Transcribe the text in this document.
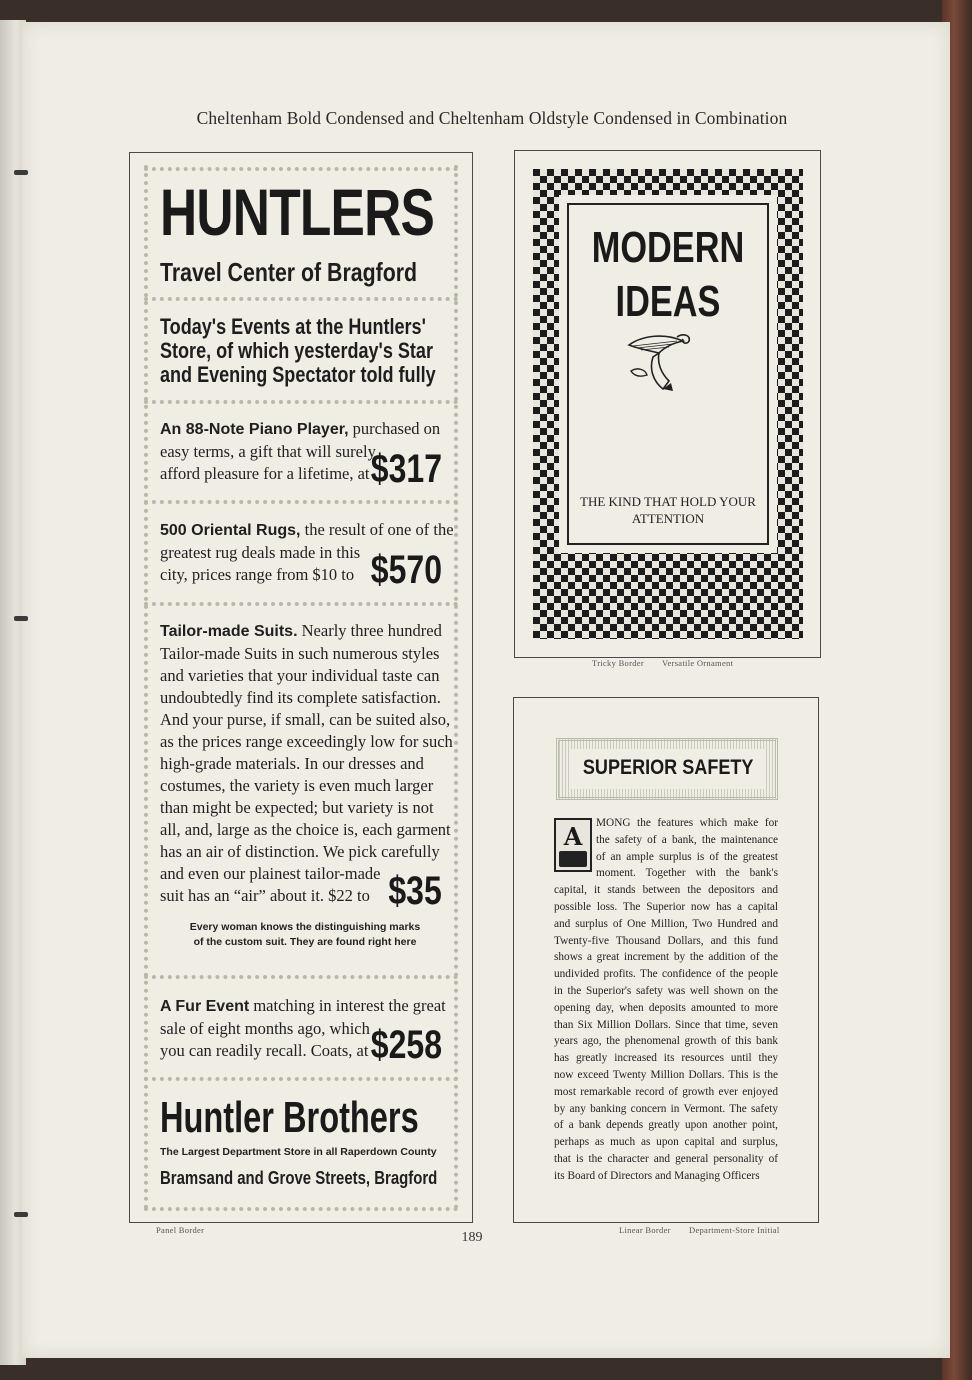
Cheltenham Bold Condensed and Cheltenham Oldstyle Condensed in Combination
HUNTLERS
Travel Center of Bragford
Today's Events at the Huntlers'
Store, of which yesterday's Star
and Evening Spectator told fully
An 88-Note Piano Player, purchased on
easy terms, a gift that will surely
afford pleasure for a lifetime, at $317
500 Oriental Rugs, the result of one of the
greatest rug deals made in this
city, prices range from $10 to $570
Tailor-made Suits. Nearly three hundred
Tailor-made Suits in such numerous styles
and varieties that your individual taste can
undoubtedly find its complete satisfaction.
And your purse, if small, can be suited also,
as the prices range exceedingly low for such
high-grade materials. In our dresses and
costumes, the variety is even much larger
than might be expected; but variety is not
all, and, large as the choice is, each garment
has an air of distinction. We pick carefully
and even our plainest tailor-made
suit has an “air” about it. $22 to $35
Every woman knows the distinguishing marks
of the custom suit. They are found right here
A Fur Event matching in interest the great
sale of eight months ago, which
you can readily recall. Coats, at $258
Huntler Brothers
The Largest Department Store in all Raperdown County
Bramsand and Grove Streets, Bragford
Panel Border
MODERN
IDEAS
THE KIND THAT HOLD YOUR
ATTENTION
Tricky Border Versatile Ornament
SUPERIOR SAFETY
A	MONG the features which make for
the safety of a bank, the maintenance
of an ample surplus is of the greatest
moment. Together with the bank's
capital, it stands between the depositors and
possible loss. The Superior now has a capital
and surplus of One Million, Two Hundred and
Twenty-five Thousand Dollars, and this fund
shows a great increment by the addition of the
undivided profits. The confidence of the people
in the Superior's safety was well shown on the
opening day, when deposits amounted to more
than Six Million Dollars. Since that time, seven
years ago, the phenomenal growth of this bank
has greatly increased its resources until they
now exceed Twenty Million Dollars. This is the
most remarkable record of growth ever enjoyed
by any banking concern in Vermont. The safety
of a bank depends greatly upon another point,
perhaps as much as upon capital and surplus,
that is the character and general personality of
its Board of Directors and Managing Officers
Linear Border Department-Store Initial
189
